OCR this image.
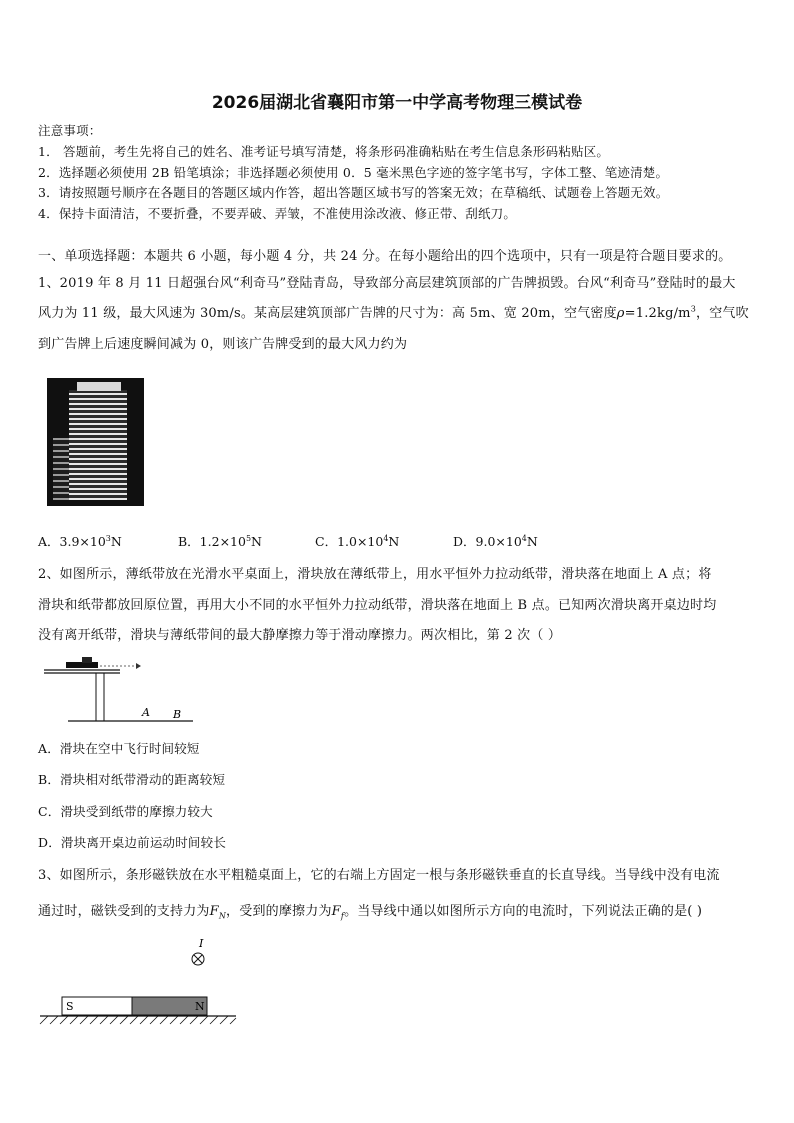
2026届湖北省襄阳市第一中学高考物理三模试卷
注意事项：
1． 答题前，考生先将自己的姓名、准考证号填写清楚，将条形码准确粘贴在考生信息条形码粘贴区。
2．选择题必须使用 2B 铅笔填涂；非选择题必须使用 0．5 毫米黑色字迹的签字笔书写，字体工整、笔迹清楚。
3．请按照题号顺序在各题目的答题区域内作答，超出答题区域书写的答案无效；在草稿纸、试题卷上答题无效。
4．保持卡面清洁，不要折叠，不要弄破、弄皱，不准使用涂改液、修正带、刮纸刀。
一、单项选择题：本题共 6 小题，每小题 4 分，共 24 分。在每小题给出的四个选项中，只有一项是符合题目要求的。
1、2019 年 8 月 11 日超强台风“利奇马”登陆青岛，导致部分高层建筑顶部的广告牌损毁。台风“利奇马”登陆时的最大
风力为 11 级，最大风速为 30m/s。某高层建筑顶部广告牌的尺寸为：高 5m、宽 20m，空气密度$\rho=1.2kg/m^3$，空气吹
到广告牌上后速度瞬间减为 0，则该广告牌受到的最大风力约为
A．$3.9\times 10^3N$	B．$1.2\times 10^5N$	C．$1.0\times 10^4N$	D．$9.0\times 10^4N$
2、如图所示，薄纸带放在光滑水平桌面上，滑块放在薄纸带上，用水平恒外力拉动纸带，滑块落在地面上 A 点；将
滑块和纸带都放回原位置，再用大小不同的水平恒外力拉动纸带，滑块落在地面上 B 点。已知两次滑块离开桌边时均
没有离开纸带，滑块与薄纸带间的最大静摩擦力等于滑动摩擦力。两次相比，第 2 次（ ）
A B
A．滑块在空中飞行时间较短
B．滑块相对纸带滑动的距离较短
C．滑块受到纸带的摩擦力较大
D．滑块离开桌边前运动时间较长
3、如图所示，条形磁铁放在水平粗糙桌面上，它的右端上方固定一根与条形磁铁垂直的长直导线。当导线中没有电流
通过时，磁铁受到的支持力为$F_N$，受到的摩擦力为$F_f$。当导线中通以如图所示方向的电流时，下列说法正确的是( )
I
S	N
